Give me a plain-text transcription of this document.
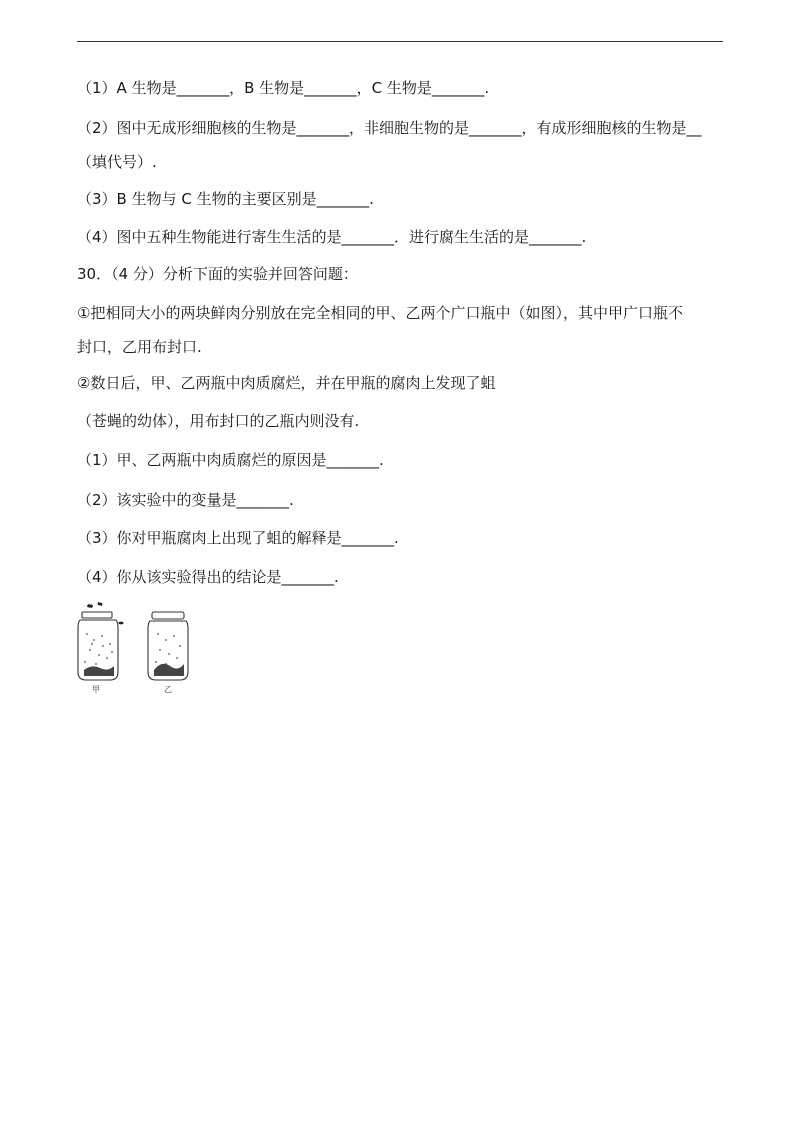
（1）A 生物是_______，B 生物是_______，C 生物是_______.
（2）图中无成形细胞核的生物是_______，非细胞生物的是_______，有成形细胞核的生物是__
（填代号）.
（3）B 生物与 C 生物的主要区别是_______.
（4）图中五种生物能进行寄生生活的是_______．进行腐生生活的是_______.
30．（4 分）分析下面的实验并回答问题：
①把相同大小的两块鲜肉分别放在完全相同的甲、乙两个广口瓶中（如图），其中甲广口瓶不
封口，乙用布封口.
②数日后，甲、乙两瓶中肉质腐烂，并在甲瓶的腐肉上发现了蛆
（苍蝇的幼体），用布封口的乙瓶内则没有.
（1）甲、乙两瓶中肉质腐烂的原因是_______.
（2）该实验中的变量是_______.
（3）你对甲瓶腐肉上出现了蛆的解释是_______.
（4）你从该实验得出的结论是_______.
甲	乙
